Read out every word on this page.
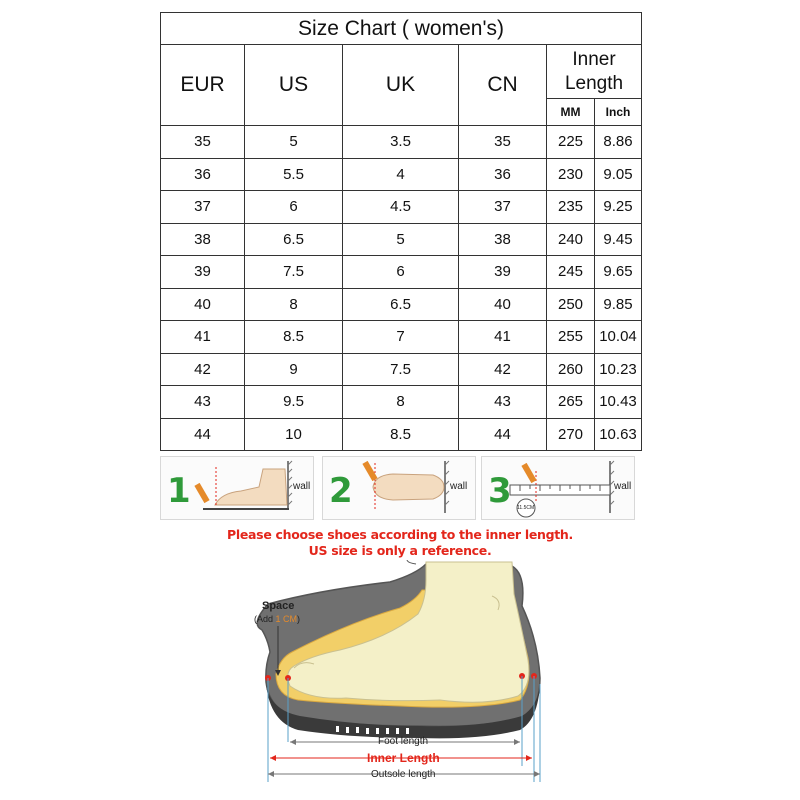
Size Chart ( women's)					
EUR	US	UK	CN	Inner
Length	
				MM	Inch
35	5	3.5	35	225	8.86
36	5.5	4	36	230	9.05
37	6	4.5	37	235	9.25
38	6.5	5	38	240	9.45
39	7.5	6	39	245	9.65
40	8	6.5	40	250	9.85
41	8.5	7	41	255	10.04
42	9	7.5	42	260	10.23
43	9.5	8	43	265	10.43
44	10	8.5	44	270	10.63
1	wall 2	wall 3	wall
11.5CM
Please choose shoes according to the inner length.
US size is only a reference.
Space
(Add 1 CM)
Foot length
Inner Length
Outsole length
